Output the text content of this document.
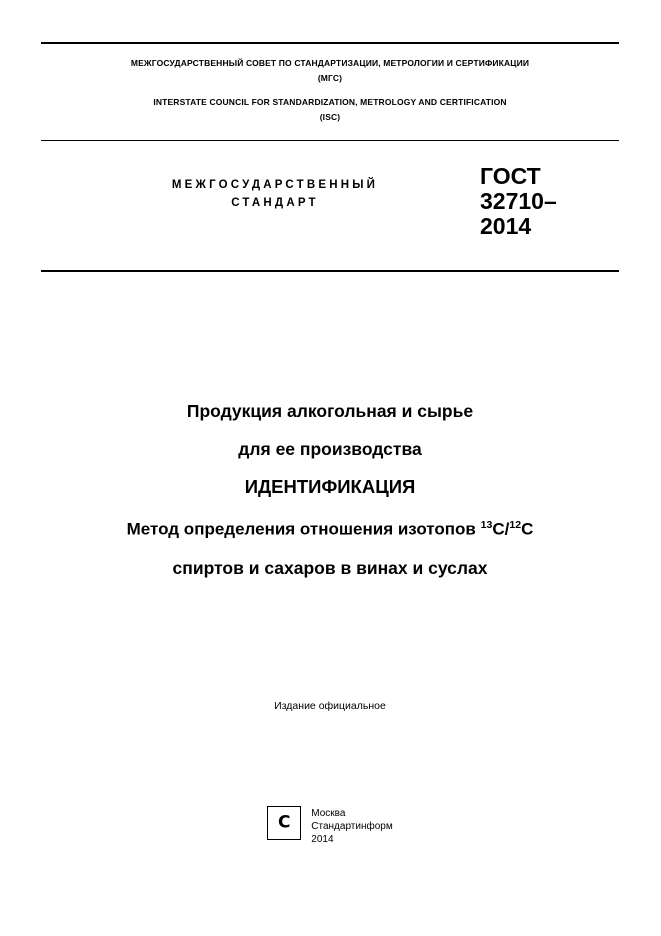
МЕЖГОСУДАРСТВЕННЫЙ СОВЕТ ПО СТАНДАРТИЗАЦИИ, МЕТРОЛОГИИ И СЕРТИФИКАЦИИ
(МГС)
INTERSTATE COUNCIL FOR STANDARDIZATION, METROLOGY AND CERTIFICATION
(ISC)
МЕЖГОСУДАРСТВЕННЫЙ
СТАНДАРТ
ГОСТ
32710–
2014
Продукция алкогольная и сырье
для ее производства
ИДЕНТИФИКАЦИЯ
Метод определения отношения изотопов $^{13}$C/$^{12}$C
спиртов и сахаров в винах и суслах
Издание официальное
С Москва
Стандартинформ
2014
